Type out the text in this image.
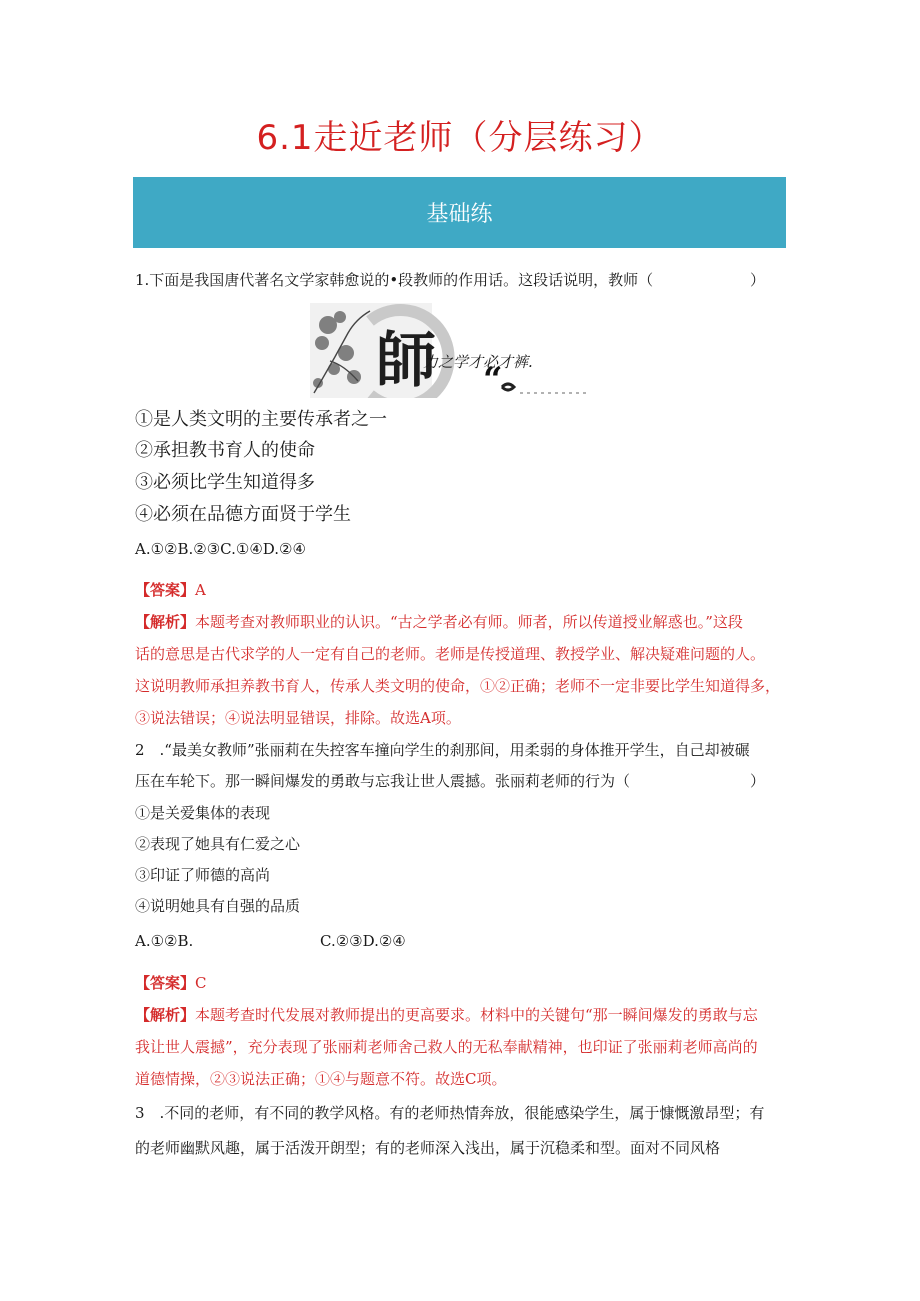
6.1走近老师（分层练习）
基础练
1.下面是我国唐代著名文学家韩愈说的•段教师的作用话。这段话说明，教师（	）
師 “
力之学才必才裤.
①是人类文明的主要传承者之一
②承担教书育人的使命
③必须比学生知道得多
④必须在品德方面贤于学生
A.①②B.②③C.①④D.②④
【答案】A
【解析】本题考查对教师职业的认识。“古之学者必有师。师者，所以传道授业解惑也。”这段
话的意思是古代求学的人一定有自己的老师。老师是传授道理、教授学业、解决疑难问题的人。
这说明教师承担养教书育人，传承人类文明的使命，①②正确；老师不一定非要比学生知道得多，
③说法错误；④说法明显错误，排除。故选A项。
2　.“最美女教师”张丽莉在失控客车撞向学生的刹那间，用柔弱的身体推开学生，自己却被碾
压在车轮下。那一瞬间爆发的勇敢与忘我让世人震撼。张丽莉老师的行为（	）
①是关爱集体的表现
②表现了她具有仁爱之心
③印证了师德的高尚
④说明她具有自强的品质
A.①②B.	C.②③D.②④
【答案】C
【解析】本题考查时代发展对教师提出的更高要求。材料中的关键句“那一瞬间爆发的勇敢与忘
我让世人震撼”，充分表现了张丽莉老师舍己救人的无私奉献精神，也印证了张丽莉老师高尚的
道德情操，②③说法正确；①④与题意不符。故选C项。
3　.不同的老师，有不同的教学风格。有的老师热情奔放，很能感染学生，属于慷慨激昂型；有
的老师幽默风趣，属于活泼开朗型；有的老师深入浅出，属于沉稳柔和型。面对不同风格
